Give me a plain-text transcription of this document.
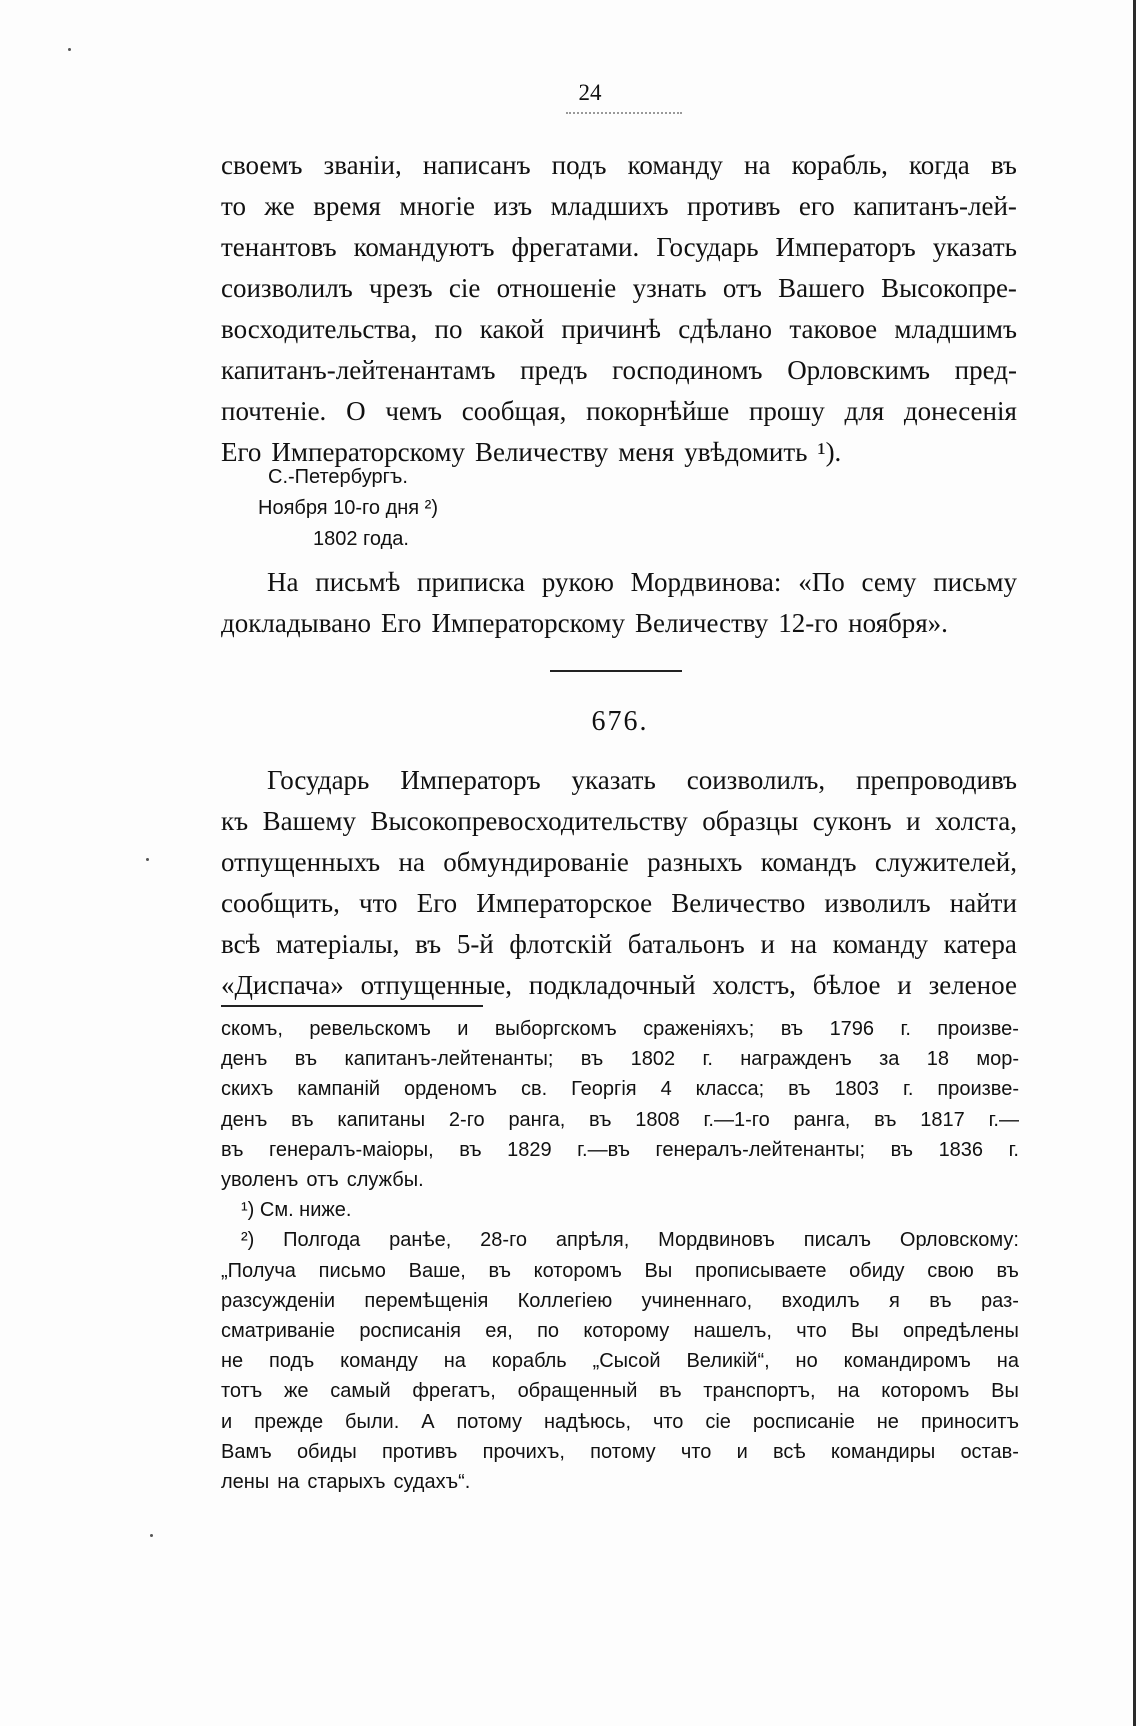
24
своемъ званiи, написанъ подъ команду на корабль, когда въ
то же время многiе изъ младшихъ противъ его капитанъ-лей-
тенантовъ командуютъ фрегатами. Государь Императоръ указать
соизволилъ чрезъ сiе отношенiе узнать отъ Вашего Высокопре-
восходительства, по какой причинѣ сдѣлано таковое младшимъ
капитанъ-лейтенантамъ предъ господиномъ Орловскимъ пред-
почтенiе. О чемъ сообщая, покорнѣйше прошу для донесенiя
Его Императорскому Величеству меня увѣдомить ¹).
С.-Петербургъ.
Ноября 10-го дня ²)
1802 года.
На письмѣ приписка рукою Мордвинова: «По сему письму
докладывано Его Императорскому Величеству 12-го ноября».
676.
Государь Императоръ указать соизволилъ, препроводивъ
къ Вашему Высокопревосходительству образцы суконъ и холста,
отпущенныхъ на обмундированiе разныхъ командъ служителей,
сообщить, что Его Императорское Величество изволилъ найти
всѣ матерiалы, въ 5-й флотскiй батальонъ и на команду катера
«Диспача» отпущенные, подкладочный холстъ, бѣлое и зеленое
скомъ, ревельскомъ и выборгскомъ сраженiяхъ; въ 1796 г. произве-
денъ въ капитанъ-лейтенанты; въ 1802 г. награжденъ за 18 мор-
скихъ кампанiй орденомъ св. Георгiя 4 класса; въ 1803 г. произве-
денъ въ капитаны 2-го ранга, въ 1808 г.—1-го ранга, въ 1817 г.—
въ генералъ-маiоры, въ 1829 г.—въ генералъ-лейтенанты; въ 1836 г.
уволенъ отъ службы.
¹) См. ниже.
²) Полгода ранѣе, 28-го апрѣля, Мордвиновъ писалъ Орловскому:
„Получа письмо Ваше, въ которомъ Вы прописываете обиду свою въ
разсужденiи перемѣщенiя Коллегiею учиненнаго, входилъ я въ раз-
сматриванiе росписанiя ея, по которому нашелъ, что Вы опредѣлены
не подъ команду на корабль „Сысой Великiй“, но командиромъ на
тотъ же самый фрегатъ, обращенный въ транспортъ, на которомъ Вы
и прежде были. А потому надѣюсь, что сiе росписанiе не приноситъ
Вамъ обиды противъ прочихъ, потому что и всѣ командиры остав-
лены на старыхъ судахъ“.
